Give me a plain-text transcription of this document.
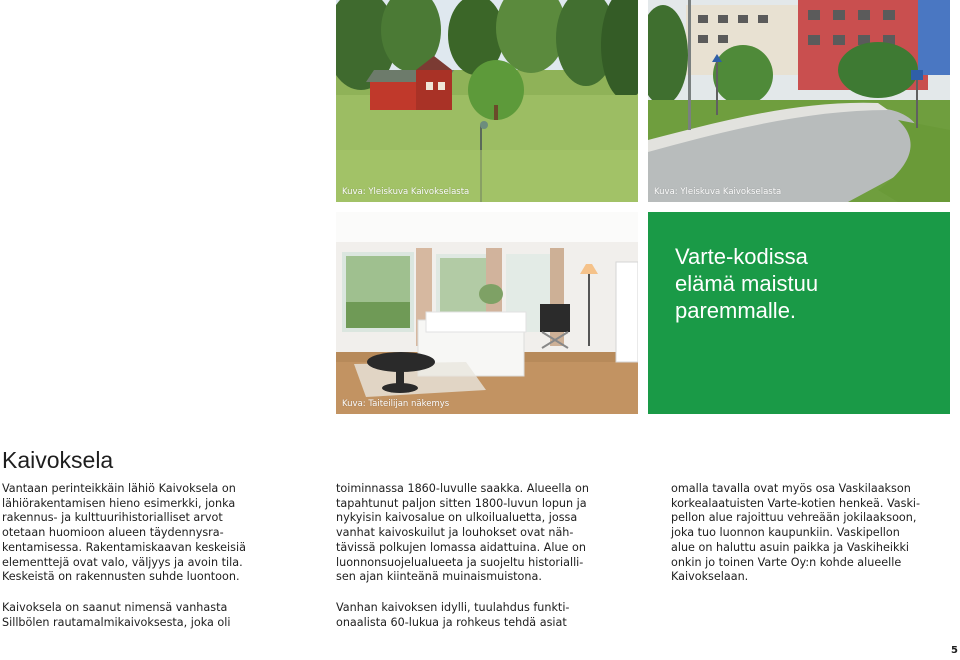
Kuva: Yleiskuva Kaivokselasta	Kuva: Yleiskuva Kaivokselasta
Kuva: Taiteilijan näkemys
Varte-kodissa
elämä maistuu
paremmalle.
Kaivoksela

Vantaan perinteikkäin lähiö Kaivoksela on
lähiörakentamisen hieno esimerkki, jonka
rakennus- ja kulttuurihistorialliset arvot
otetaan huomioon alueen täydennysra-
kentamisessa. Rakentamiskaavan keskeisiä
elementtejä ovat valo, väljyys ja avoin tila.
Keskeistä on rakennusten suhde luontoon.

Kaivoksela on saanut nimensä vanhasta
Sillbölen rautamalmikaivoksesta, joka oli

toiminnassa 1860-luvulle saakka. Alueella on
tapahtunut paljon sitten 1800-luvun lopun ja
nykyisin kaivosalue on ulkoilualuetta, jossa
vanhat kaivoskuilut ja louhokset ovat näh-
tävissä polkujen lomassa aidattuina. Alue on
luonnonsuojelualueeta ja suojeltu historialli-
sen ajan kiinteänä muinaismuistona.

Vanhan kaivoksen idylli, tuulahdus funkti-
onaalista 60-lukua ja rohkeus tehdä asiat

omalla tavalla ovat myös osa Vaskilaakson
korkealaatuisten Varte-kotien henkeä. Vaski-
pellon alue rajoittuu vehreään jokilaaksoon,
joka tuo luonnon kaupunkiin. Vaskipellon
alue on haluttu asuin paikka ja Vaskiheikki
onkin jo toinen Varte Oy:n kohde alueelle
Kaivokselaan.

5
